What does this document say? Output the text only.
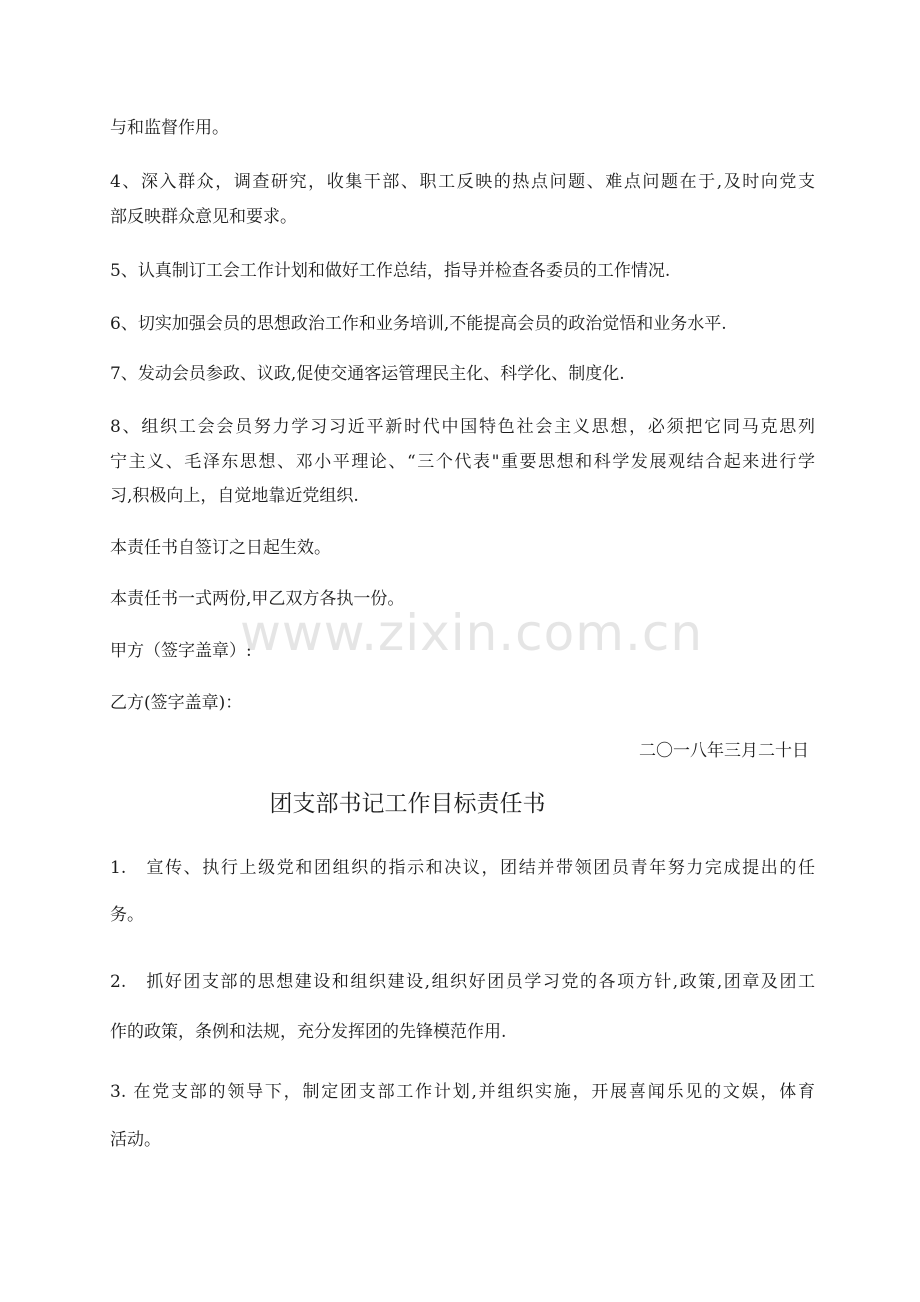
与和监督作用。
4、深入群众，调查研究，收集干部、职工反映的热点问题、难点问题在于,及时向党支
部反映群众意见和要求。
5、认真制订工会工作计划和做好工作总结，指导并检查各委员的工作情况.
6、切实加强会员的思想政治工作和业务培训,不能提高会员的政治觉悟和业务水平.
7、发动会员参政、议政,促使交通客运管理民主化、科学化、制度化.
8、组织工会会员努力学习习近平新时代中国特色社会主义思想，必须把它同马克思列
宁主义、毛泽东思想、邓小平理论、“三个代表"重要思想和科学发展观结合起来进行学
习,积极向上，自觉地靠近党组织.
本责任书自签订之日起生效。
本责任书一式两份,甲乙双方各执一份。
甲方（签字盖章）:
乙方(签字盖章)：
二〇一八年三月二十日
团支部书记工作目标责任书
1.　宣传、执行上级党和团组织的指示和决议，团结并带领团员青年努力完成提出的任
务。
2.　抓好团支部的思想建设和组织建设,组织好团员学习党的各项方针,政策,团章及团工
作的政策，条例和法规，充分发挥团的先锋模范作用.
3. 在党支部的领导下，制定团支部工作计划,并组织实施，开展喜闻乐见的文娱，体育
活动。
www.zixin.com.cn
